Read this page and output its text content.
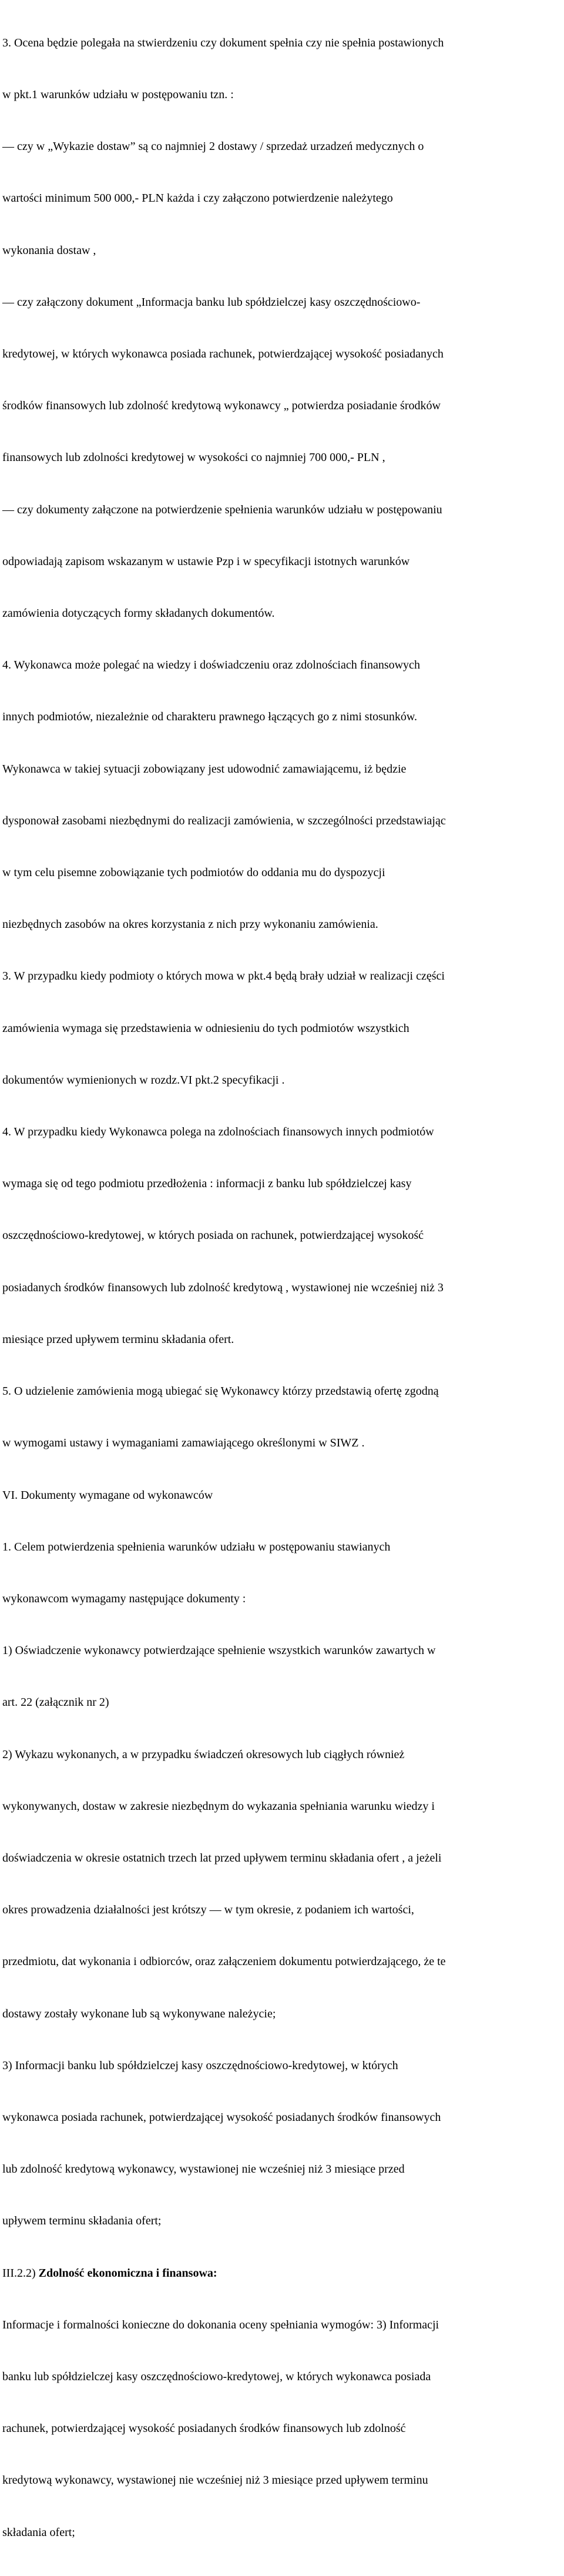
3. Ocena będzie polegała na stwierdzeniu czy dokument spełnia czy nie spełnia postawionych

w pkt.1 warunków udziału w postępowaniu tzn. :

— czy w „Wykazie dostaw” są co najmniej 2 dostawy / sprzedaż urzadzeń medycznych o

wartości minimum 500 000,- PLN każda i czy załączono potwierdzenie należytego

wykonania dostaw ,

— czy załączony dokument „Informacja banku lub spółdzielczej kasy oszczędnościowo-

kredytowej, w których wykonawca posiada rachunek, potwierdzającej wysokość posiadanych

środków finansowych lub zdolność kredytową wykonawcy „ potwierdza posiadanie środków

finansowych lub zdolności kredytowej w wysokości co najmniej 700 000,- PLN ,

— czy dokumenty załączone na potwierdzenie spełnienia warunków udziału w postępowaniu

odpowiadają zapisom wskazanym w ustawie Pzp i w specyfikacji istotnych warunków

zamówienia dotyczących formy składanych dokumentów.

4. Wykonawca może polegać na wiedzy i doświadczeniu oraz zdolnościach finansowych

innych podmiotów, niezależnie od charakteru prawnego łączących go z nimi stosunków.

Wykonawca w takiej sytuacji zobowiązany jest udowodnić zamawiającemu, iż będzie

dysponował zasobami niezbędnymi do realizacji zamówienia, w szczególności przedstawiając

w tym celu pisemne zobowiązanie tych podmiotów do oddania mu do dyspozycji

niezbędnych zasobów na okres korzystania z nich przy wykonaniu zamówienia.

3. W przypadku kiedy podmioty o których mowa w pkt.4 będą brały udział w realizacji części

zamówienia wymaga się przedstawienia w odniesieniu do tych podmiotów wszystkich

dokumentów wymienionych w rozdz.VI pkt.2 specyfikacji .

4. W przypadku kiedy Wykonawca polega na zdolnościach finansowych innych podmiotów

wymaga się od tego podmiotu przedłożenia : informacji z banku lub spółdzielczej kasy

oszczędnościowo-kredytowej, w których posiada on rachunek, potwierdzającej wysokość

posiadanych środków finansowych lub zdolność kredytową , wystawionej nie wcześniej niż 3

miesiące przed upływem terminu składania ofert.

5. O udzielenie zamówienia mogą ubiegać się Wykonawcy którzy przedstawią ofertę zgodną

w wymogami ustawy i wymaganiami zamawiającego określonymi w SIWZ .

VI. Dokumenty wymagane od wykonawców

1. Celem potwierdzenia spełnienia warunków udziału w postępowaniu stawianych

wykonawcom wymagamy następujące dokumenty :

1) Oświadczenie wykonawcy potwierdzające spełnienie wszystkich warunków zawartych w

art. 22 (załącznik nr 2)

2) Wykazu wykonanych, a w przypadku świadczeń okresowych lub ciągłych również

wykonywanych, dostaw w zakresie niezbędnym do wykazania spełniania warunku wiedzy i

doświadczenia w okresie ostatnich trzech lat przed upływem terminu składania ofert , a jeżeli

okres prowadzenia działalności jest krótszy — w tym okresie, z podaniem ich wartości,

przedmiotu, dat wykonania i odbiorców, oraz załączeniem dokumentu potwierdzającego, że te

dostawy zostały wykonane lub są wykonywane należycie;

3) Informacji banku lub spółdzielczej kasy oszczędnościowo-kredytowej, w których

wykonawca posiada rachunek, potwierdzającej wysokość posiadanych środków finansowych

lub zdolność kredytową wykonawcy, wystawionej nie wcześniej niż 3 miesiące przed

upływem terminu składania ofert;

III.2.2) Zdolność ekonomiczna i finansowa:

Informacje i formalności konieczne do dokonania oceny spełniania wymogów: 3) Informacji

banku lub spółdzielczej kasy oszczędnościowo-kredytowej, w których wykonawca posiada

rachunek, potwierdzającej wysokość posiadanych środków finansowych lub zdolność

kredytową wykonawcy, wystawionej nie wcześniej niż 3 miesiące przed upływem terminu

składania ofert;
